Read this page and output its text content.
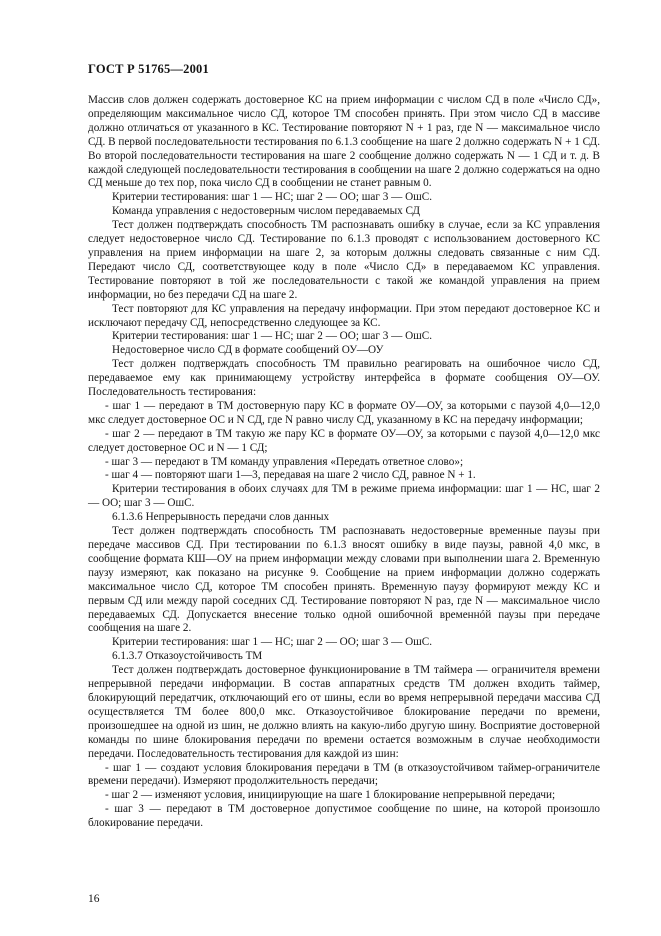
ГОСТ Р 51765—2001

Массив слов должен содержать достоверное КС на прием информации с числом СД в поле «Число СД», определяющим максимальное число СД, которое ТМ способен принять. При этом число СД в массиве должно отличаться от указанного в КС. Тестирование повторяют N + 1 раз, где N — максимальное число СД. В первой последовательности тестирования по 6.1.3 сообщение на шаге 2 должно содержать N + 1 СД. Во второй последовательности тестирования на шаге 2 сообщение должно содержать N — 1 СД и т. д. В каждой следующей последовательности тестирования в сообщении на шаге 2 должно содержаться на одно СД меньше до тех пор, пока число СД в сообщении не станет равным 0.

Критерии тестирования: шаг 1 — НС; шаг 2 — ОО; шаг 3 — ОшС.

Команда управления с недостоверным числом передаваемых СД

Тест должен подтверждать способность ТМ распознавать ошибку в случае, если за КС управления следует недостоверное число СД. Тестирование по 6.1.3 проводят с использованием достоверного КС управления на прием информации на шаге 2, за которым должны следовать связанные с ним СД. Передают число СД, соответствующее коду в поле «Число СД» в передаваемом КС управления. Тестирование повторяют в той же последовательности с такой же командой управления на прием информации, но без передачи СД на шаге 2.

Тест повторяют для КС управления на передачу информации. При этом передают достоверное КС и исключают передачу СД, непосредственно следующее за КС.

Критерии тестирования: шаг 1 — НС; шаг 2 — ОО; шаг 3 — ОшС.

Недостоверное число СД в формате сообщений ОУ—ОУ

Тест должен подтверждать способность ТМ правильно реагировать на ошибочное число СД, передаваемое ему как принимающему устройству интерфейса в формате сообщения ОУ—ОУ. Последовательность тестирования:

- шаг 1 — передают в ТМ достоверную пару КС в формате ОУ—ОУ, за которыми с паузой 4,0—12,0 мкс следует достоверное ОС и N СД, где N равно числу СД, указанному в КС на передачу информации;

- шаг 2 — передают в ТМ такую же пару КС в формате ОУ—ОУ, за которыми с паузой 4,0—12,0 мкс следует достоверное ОС и N — 1 СД;

- шаг 3 — передают в ТМ команду управления «Передать ответное слово»;

- шаг 4 — повторяют шаги 1—3, передавая на шаге 2 число СД, равное N + 1.

Критерии тестирования в обоих случаях для ТМ в режиме приема информации: шаг 1 — НС, шаг 2 — ОО; шаг 3 — ОшС.

6.1.3.6 Непрерывность передачи слов данных

Тест должен подтверждать способность ТМ распознавать недостоверные временные паузы при передаче массивов СД. При тестировании по 6.1.3 вносят ошибку в виде паузы, равной 4,0 мкс, в сообщение формата КШ—ОУ на прием информации между словами при выполнении шага 2. Временную паузу измеряют, как показано на рисунке 9. Сообщение на прием информации должно содержать максимальное число СД, которое ТМ способен принять. Временную паузу формируют между КС и первым СД или между парой соседних СД. Тестирование повторяют N раз, где N — максимальное число передаваемых СД. Допускается внесение только одной ошибочной временнóй паузы при передаче сообщения на шаге 2.

Критерии тестирования: шаг 1 — НС; шаг 2 — ОО; шаг 3 — ОшС.

6.1.3.7 Отказоустойчивость ТМ

Тест должен подтверждать достоверное функционирование в ТМ таймера — ограничителя времени непрерывной передачи информации. В состав аппаратных средств ТМ должен входить таймер, блокирующий передатчик, отключающий его от шины, если во время непрерывной передачи массива СД осуществляется ТМ более 800,0 мкс. Отказоустойчивое блокирование передачи по времени, произошедшее на одной из шин, не должно влиять на какую-либо другую шину. Восприятие достоверной команды по шине блокирования передачи по времени остается возможным в случае необходимости передачи. Последовательность тестирования для каждой из шин:

- шаг 1 — создают условия блокирования передачи в ТМ (в отказоустойчивом таймер-ограничителе времени передачи). Измеряют продолжительность передачи;

- шаг 2 — изменяют условия, инициирующие на шаге 1 блокирование непрерывной передачи;

- шаг 3 — передают в ТМ достоверное допустимое сообщение по шине, на которой произошло блокирование передачи.

16
